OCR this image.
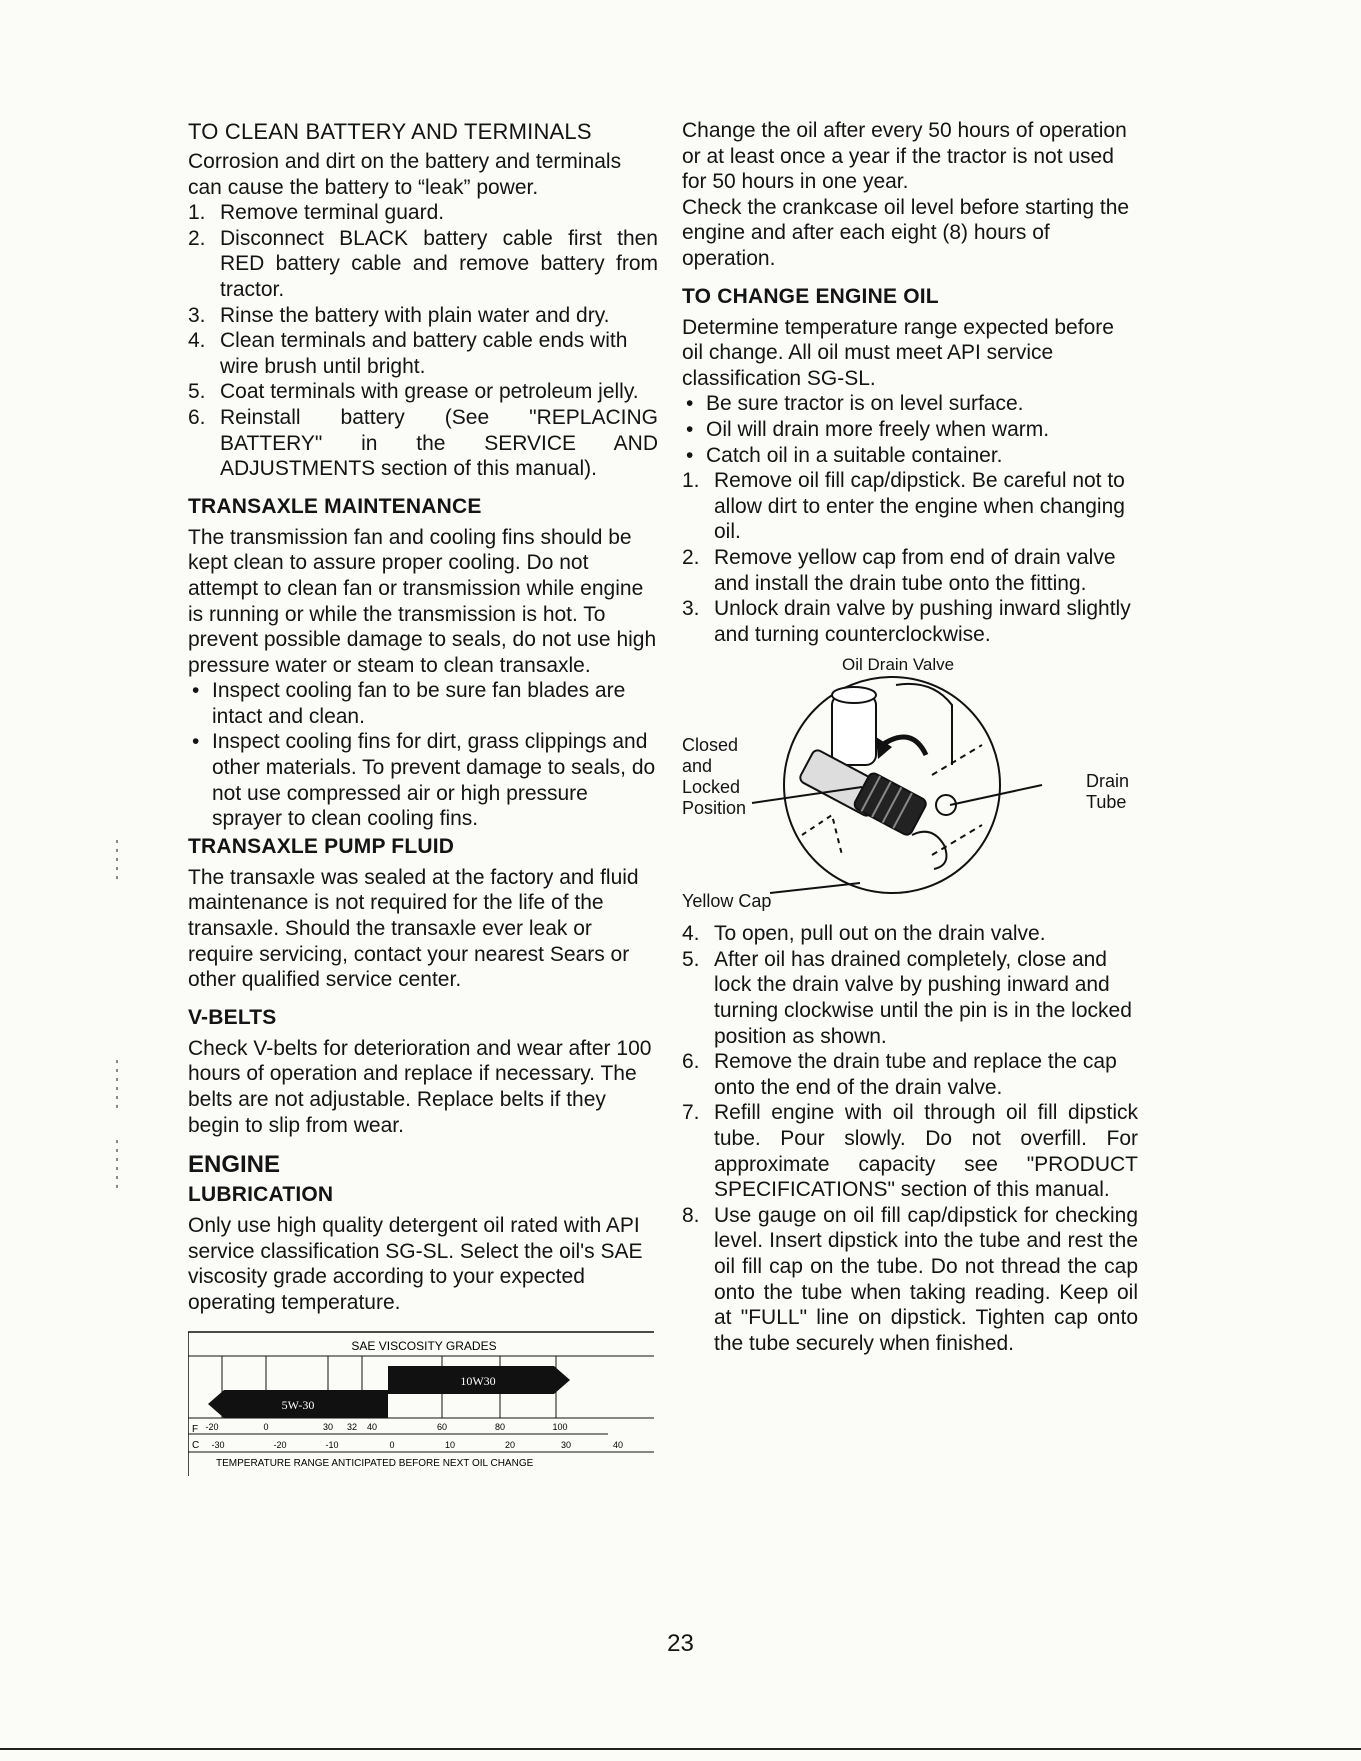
TO CLEAN BATTERY AND TERMINALS

Corrosion and dirt on the battery and terminals can cause the battery to “leak” power.

1. Remove terminal guard.
2. Disconnect BLACK battery cable first then RED battery cable and remove battery from tractor.
3. Rinse the battery with plain water and dry.
4. Clean terminals and battery cable ends with wire brush until bright.
5. Coat terminals with grease or petroleum jelly.
6. Reinstall battery (See "REPLACING BATTERY" in the SERVICE AND ADJUSTMENTS section of this manual).

TRANSAXLE MAINTENANCE

The transmission fan and cooling fins should be kept clean to assure proper cooling. Do not attempt to clean fan or transmission while engine is running or while the transmission is hot. To prevent possible damage to seals, do not use high pressure water or steam to clean transaxle.

• Inspect cooling fan to be sure fan blades are intact and clean.
• Inspect cooling fins for dirt, grass clippings and other materials. To prevent damage to seals, do not use compressed air or high pressure sprayer to clean cooling fins.

TRANSAXLE PUMP FLUID

The transaxle was sealed at the factory and fluid maintenance is not required for the life of the transaxle. Should the transaxle ever leak or require servicing, contact your nearest Sears or other qualified service center.

V-BELTS

Check V-belts for deterioration and wear after 100 hours of operation and replace if necessary. The belts are not adjustable. Replace belts if they begin to slip from wear.

ENGINE

LUBRICATION

Only use high quality detergent oil rated with API service classification SG-SL. Select the oil's SAE viscosity grade according to your expected operating temperature.

SAE VISCOSITY GRADES
10W30
5W-30
F -20	0	30 32 40	60	80	100
C -30	-20	-10	0	10	20	30	40
TEMPERATURE RANGE ANTICIPATED BEFORE NEXT OIL CHANGE

Change the oil after every 50 hours of operation or at least once a year if the tractor is not used for 50 hours in one year.

Check the crankcase oil level before starting the engine and after each eight (8) hours of operation.

TO CHANGE ENGINE OIL

Determine temperature range expected before oil change. All oil must meet API service classification SG-SL.

• Be sure tractor is on level surface.
• Oil will drain more freely when warm.
• Catch oil in a suitable container.
1. Remove oil fill cap/dipstick. Be careful not to allow dirt to enter the engine when changing oil.
2. Remove yellow cap from end of drain valve and install the drain tube onto the fitting.
3. Unlock drain valve by pushing inward slightly and turning counterclockwise.
Oil Drain Valve
Closed and Locked Position
Drain Tube
Yellow Cap
4. To open, pull out on the drain valve.
5. After oil has drained completely, close and lock the drain valve by pushing inward and turning clockwise until the pin is in the locked position as shown.
6. Remove the drain tube and replace the cap onto the end of the drain valve.
7. Refill engine with oil through oil fill dipstick tube. Pour slowly. Do not overfill. For approximate capacity see "PRODUCT SPECIFICATIONS" section of this manual.
8. Use gauge on oil fill cap/dipstick for checking level. Insert dipstick into the tube and rest the oil fill cap on the tube. Do not thread the cap onto the tube when taking reading. Keep oil at "FULL" line on dipstick. Tighten cap onto the tube securely when finished.
23
